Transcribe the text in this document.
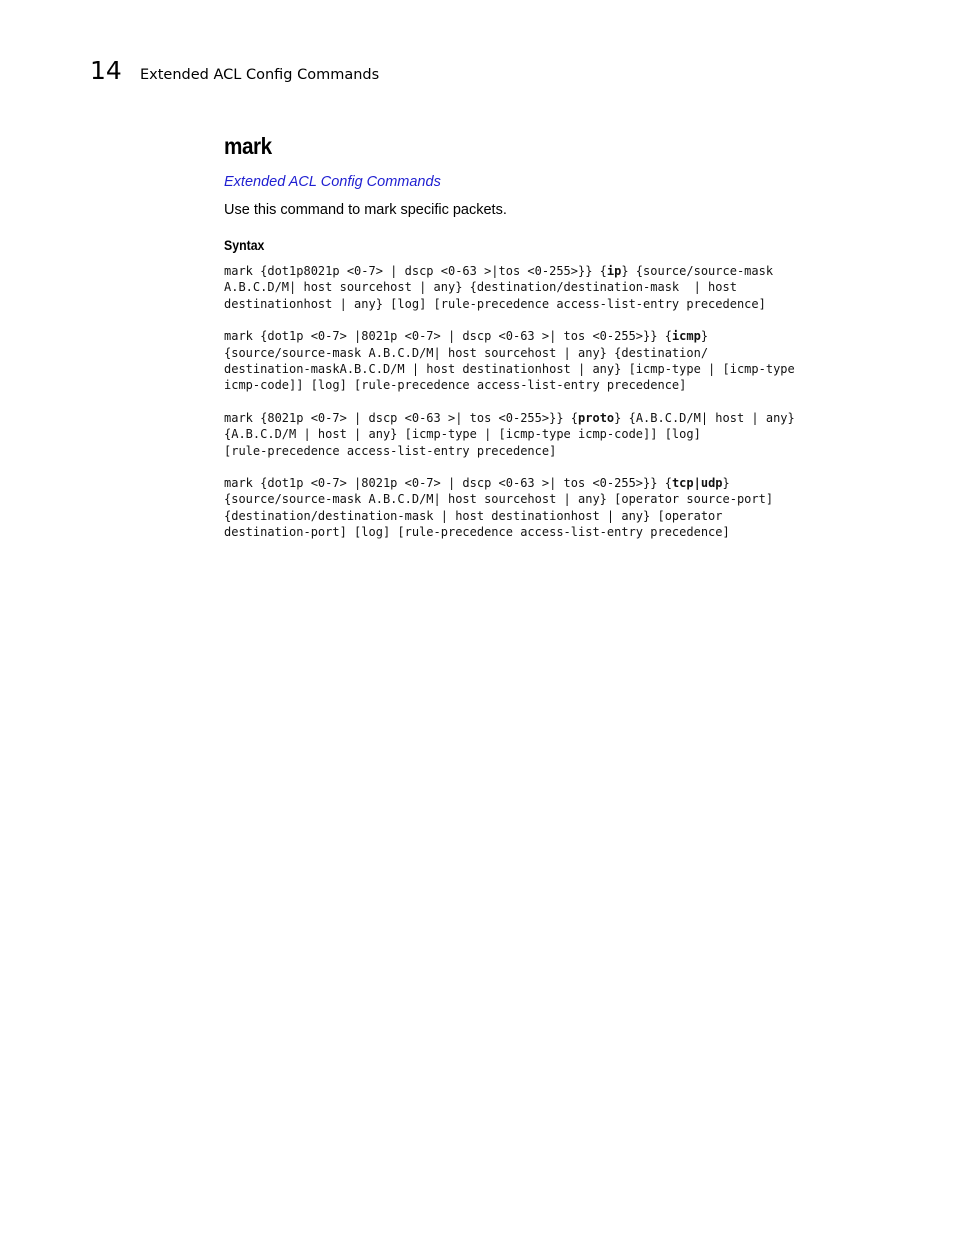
14 Extended ACL Config Commands
mark
Extended ACL Config Commands

Use this command to mark specific packets.

Syntax
mark {dot1p8021p <0-7> | dscp <0-63 >|tos <0-255>}} {ip} {source/source-mask
A.B.C.D/M| host sourcehost | any} {destination/destination-mask  | host
destinationhost | any} [log] [rule-precedence access-list-entry precedence]
mark {dot1p <0-7> |8021p <0-7> | dscp <0-63 >| tos <0-255>}} {icmp}
{source/source-mask A.B.C.D/M| host sourcehost | any} {destination/
destination-maskA.B.C.D/M | host destinationhost | any} [icmp-type | [icmp-type
icmp-code]] [log] [rule-precedence access-list-entry precedence]
mark {8021p <0-7> | dscp <0-63 >| tos <0-255>}} {proto} {A.B.C.D/M| host | any}
{A.B.C.D/M | host | any} [icmp-type | [icmp-type icmp-code]] [log]
[rule-precedence access-list-entry precedence]
mark {dot1p <0-7> |8021p <0-7> | dscp <0-63 >| tos <0-255>}} {tcp|udp}
{source/source-mask A.B.C.D/M| host sourcehost | any} [operator source-port]
{destination/destination-mask | host destinationhost | any} [operator
destination-port] [log] [rule-precedence access-list-entry precedence]
